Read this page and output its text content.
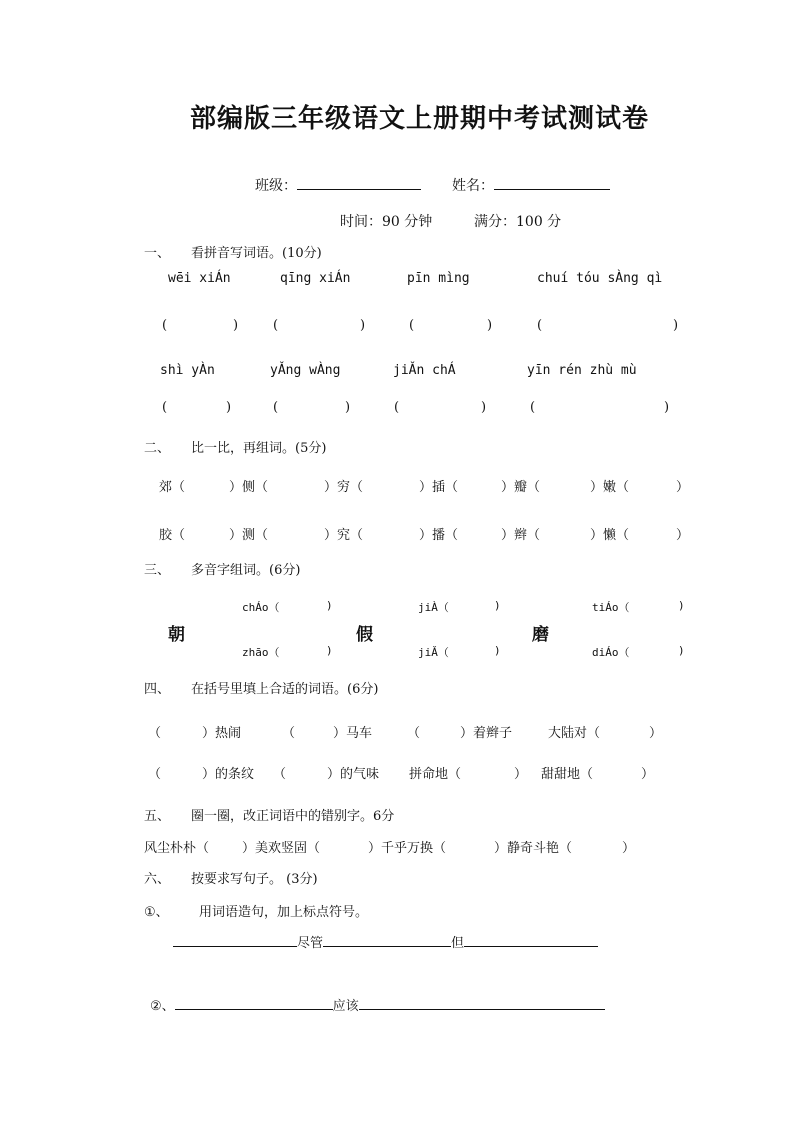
部编版三年级语文上册期中考试测试卷
班级：	姓名：
时间：90 分钟	满分：100 分
一、 看拼音写词语。(10分)
wēi xiÁn	qīng xiÁn	pīn mìng	chuí tóu sÀng qì
(	)	(	)	(	)	(	)
shì yÀn	yǍng wÀng	jiǍn chÁ	yīn rén zhù mù
(	)	(	)	(	)	(	)
二、 比一比，再组词。(5分)
郊（	）侧（	）穷（	）插（	）瓣（	）嫩（	）
胶（	）测（	）究（	）播（	）辫（	）懒（	）
三、 多音字组词。(6分)
chÁo（	)	jiÀ（	)	tiÁo（	)
朝	假	磨
zhāo（	)	jiǍ（	)	diÁo（	)
四、 在括号里填上合适的词语。(6分)
（	）热闹	（	）马车	（	）着辫子	大陆对（	）
（	）的条纹 （	）的气味 拼命地（	） 甜甜地（	）
五、 圈一圈，改正词语中的错别字。6分
风尘朴朴（	）美欢竖固（	）千乎万换（	）静奇斗艳（	）
六、 按要求写句子。 (3分)
①、 用词语造句，加上标点符号。
尽管	但
②、	应该
